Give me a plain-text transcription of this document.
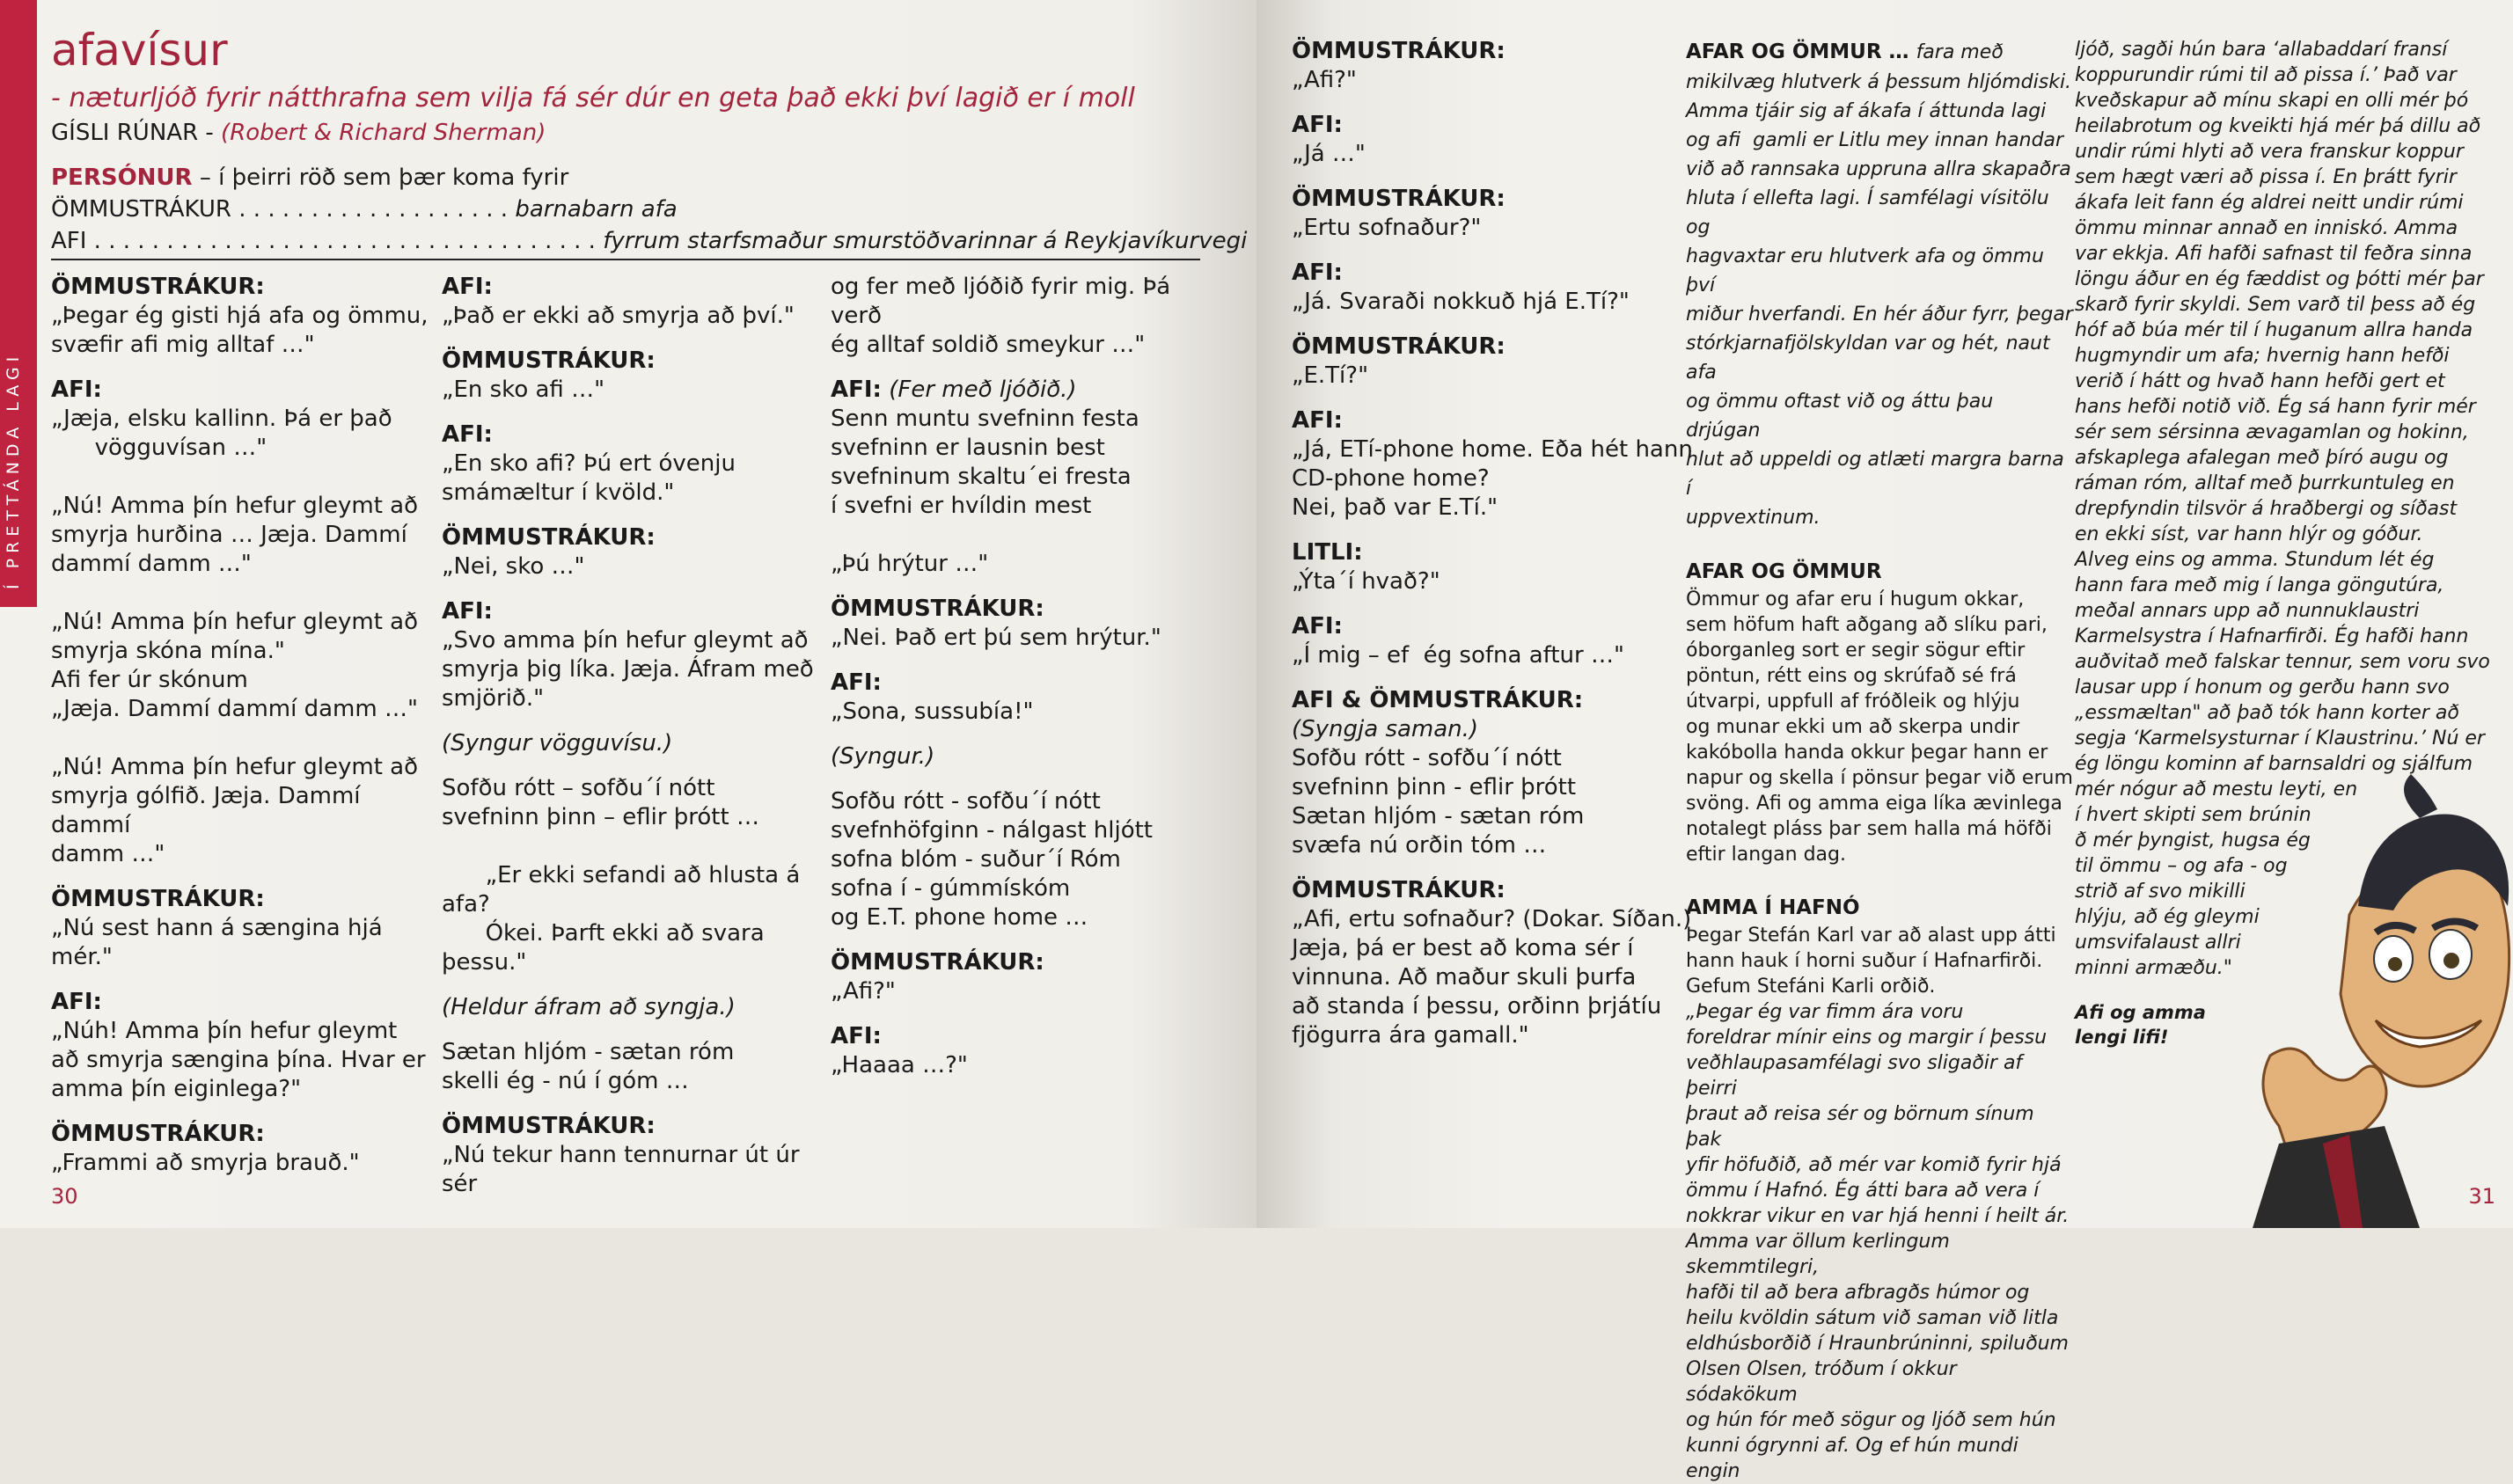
Í PRETTÁNDA LAGI
afavísur
- næturljóð fyrir nátthrafna sem vilja fá sér dúr en geta það ekki því lagið er í moll
GÍSLI RÚNAR - (Robert & Richard Sherman)
PERSÓNUR – í þeirri röð sem þær koma fyrir
ÖMMUSTRÁKUR . . . . . . . . . . . . . . . . . . . barnabarn afa
AFI . . . . . . . . . . . . . . . . . . . . . . . . . . . . . . . . . . . fyrrum starfsmaður smurstöðvarinnar á Reykjavíkurvegi
ÖMMUSTRÁKUR:
„Þegar ég gisti hjá afa og ömmu,
svæfir afi mig alltaf …"
AFI:
„Jæja, elsku kallinn. Þá er það
vögguvísan …"

„Nú! Amma þín hefur gleymt að
smyrja hurðina … Jæja. Dammí
dammí damm …"

„Nú! Amma þín hefur gleymt að
smyrja skóna mína."
Afi fer úr skónum
„Jæja. Dammí dammí damm …"

„Nú! Amma þín hefur gleymt að
smyrja gólfið. Jæja. Dammí dammí
damm …"
ÖMMUSTRÁKUR:
„Nú sest hann á sængina hjá mér."
AFI:
„Núh! Amma þín hefur gleymt
að smyrja sængina þína. Hvar er
amma þín eiginlega?"
ÖMMUSTRÁKUR:
„Frammi að smyrja brauð."
AFI:
„Það er ekki að smyrja að því."
ÖMMUSTRÁKUR:
„En sko afi …"
AFI:
„En sko afi? Þú ert óvenju
smámæltur í kvöld."
ÖMMUSTRÁKUR:
„Nei, sko …"
AFI:
„Svo amma þín hefur gleymt að
smyrja þig líka. Jæja. Áfram með
smjörið."
(Syngur vögguvísu.)
Sofðu rótt – sofðu´í nótt
svefninn þinn – eflir þrótt …

„Er ekki sefandi að hlusta á afa?
Ókei. Þarft ekki að svara þessu."
(Heldur áfram að syngja.)
Sætan hljóm - sætan róm
skelli ég - nú í góm …
ÖMMUSTRÁKUR:
„Nú tekur hann tennurnar út úr sér
og fer með ljóðið fyrir mig. Þá verð
ég alltaf soldið smeykur …"
AFI: (Fer með ljóðið.)
Senn muntu svefninn festa
svefninn er lausnin best
svefninum skaltu´ei fresta
í svefni er hvíldin mest

„Þú hrýtur …"
ÖMMUSTRÁKUR:
„Nei. Það ert þú sem hrýtur."
AFI:
„Sona, sussubía!"
(Syngur.)
Sofðu rótt - sofðu´í nótt
svefnhöfginn - nálgast hljótt
sofna blóm - suður´í Róm
sofna í - gúmmískóm
og E.T. phone home …
ÖMMUSTRÁKUR:
„Afi?"
AFI:
„Haaaa …?"
30
ÖMMUSTRÁKUR:
„Afi?"
AFI:
„Já …"
ÖMMUSTRÁKUR:
„Ertu sofnaður?"
AFI:
„Já. Svaraði nokkuð hjá E.Tí?"
ÖMMUSTRÁKUR:
„E.Tí?"
AFI:
„Já, ETí-phone home. Eða hét hann
CD-phone home?
Nei, það var E.Tí."
LITLI:
„Ýta´í hvað?"
AFI:
„Í mig – ef  ég sofna aftur …"
AFI & ÖMMUSTRÁKUR:
(Syngja saman.)
Sofðu rótt - sofðu´í nótt
svefninn þinn - eflir þrótt
Sætan hljóm - sætan róm
svæfa nú orðin tóm …
ÖMMUSTRÁKUR:
„Afi, ertu sofnaður? (Dokar. Síðan.)
Jæja, þá er best að koma sér í
vinnuna. Að maður skuli þurfa
að standa í þessu, orðinn þrjátíu
fjögurra ára gamall."
AFAR OG ÖMMUR … fara með
mikilvæg hlutverk á þessum hljómdiski.
Amma tjáir sig af ákafa í áttunda lagi
og afi  gamli er Litlu mey innan handar
við að rannsaka uppruna allra skapaðra
hluta í ellefta lagi. Í samfélagi vísitölu og
hagvaxtar eru hlutverk afa og ömmu því
miður hverfandi. En hér áður fyrr, þegar
stórkjarnafjölskyldan var og hét, naut afa
og ömmu oftast við og áttu þau drjúgan
hlut að uppeldi og atlæti margra barna í
uppvextinum.
AFAR OG ÖMMUR
Ömmur og afar eru í hugum okkar,
sem höfum haft aðgang að slíku pari,
óborganleg sort er segir sögur eftir
pöntun, rétt eins og skrúfað sé frá
útvarpi, uppfull af fróðleik og hlýju
og munar ekki um að skerpa undir
kakóbolla handa okkur þegar hann er
napur og skella í pönsur þegar við erum
svöng. Afi og amma eiga líka ævinlega
notalegt pláss þar sem halla má höfði
eftir langan dag.
AMMA Í HAFNÓ
Þegar Stefán Karl var að alast upp átti
hann hauk í horni suður í Hafnarfirði.
Gefum Stefáni Karli orðið.
„Þegar ég var fimm ára voru
foreldrar mínir eins og margir í þessu
veðhlaupasamfélagi svo sligaðir af þeirri
þraut að reisa sér og börnum sínum þak
yfir höfuðið, að mér var komið fyrir hjá
ömmu í Hafnó. Ég átti bara að vera í
nokkrar vikur en var hjá henni í heilt ár.
Amma var öllum kerlingum skemmtilegri,
hafði til að bera afbragðs húmor og
heilu kvöldin sátum við saman við litla
eldhúsborðið í Hraunbrúninni, spiluðum
Olsen Olsen, tróðum í okkur sódakökum
og hún fór með sögur og ljóð sem hún
kunni ógrynni af. Og ef hún mundi engin
ljóð, sagði hún bara ‘allabaddarí fransí
koppurundir rúmi til að pissa í.’ Það var
kveðskapur að mínu skapi en olli mér þó
heilabrotum og kveikti hjá mér þá dillu að
undir rúmi hlyti að vera franskur koppur
sem hægt væri að pissa í. En þrátt fyrir
ákafa leit fann ég aldrei neitt undir rúmi
ömmu minnar annað en inniskó. Amma
var ekkja. Afi hafði safnast til feðra sinna
löngu áður en ég fæddist og þótti mér þar
skarð fyrir skyldi. Sem varð til þess að ég
hóf að búa mér til í huganum allra handa
hugmyndir um afa; hvernig hann hefði
verið í hátt og hvað hann hefði gert et
hans hefði notið við. Ég sá hann fyrir mér
sér sem sérsinna ævagamlan og hokinn,
afskaplega afalegan með þíró augu og
ráman róm, alltaf með þurrkuntuleg en
drepfyndin tilsvör á hraðbergi og síðast
en ekki síst, var hann hlýr og góður.
Alveg eins og amma. Stundum lét ég
hann fara með mig í langa göngutúra,
meðal annars upp að nunnuklaustri
Karmelsystra í Hafnarfirði. Ég hafði hann
auðvitað með falskar tennur, sem voru svo
lausar upp í honum og gerðu hann svo
„essmæltan" að það tók hann korter að
segja ‘Karmelsysturnar í Klaustrinu.’ Nú er
ég löngu kominn af barnsaldri og sjálfum
mér nógur að mestu leyti, en
í hvert skipti sem brúnin
ð mér þyngist, hugsa ég
til ömmu – og afa - og
strið af svo mikilli
hlýju, að ég gleymi
umsvifalaust allri
minni armæðu."
Afi og amma
lengi lifi!
31
